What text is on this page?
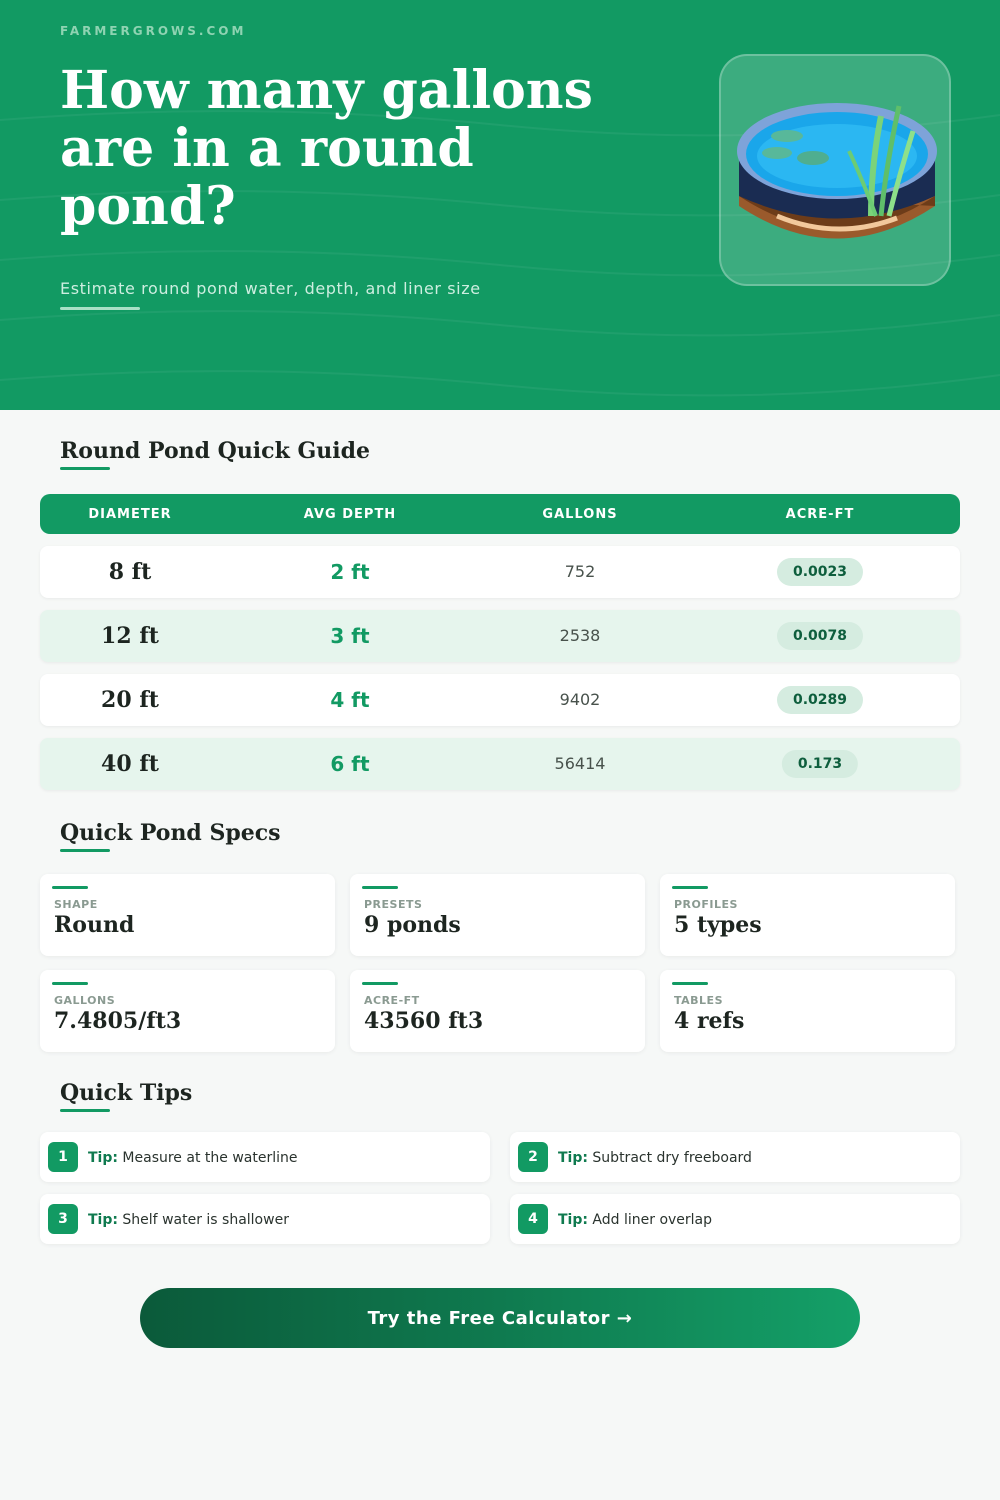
FARMERGROWS.COM
How many gallons are in a round pond?
Estimate round pond water, depth, and liner size
Round Pond Quick Guide
DIAMETER	AVG DEPTH	GALLONS	ACRE-FT
8 ft	2 ft	752	0.0023
12 ft	3 ft	2538	0.0078
20 ft	4 ft	9402	0.0289
40 ft	6 ft	56414	0.173
Quick Pond Specs
SHAPE
Round
PRESETS
9 ponds
PROFILES
5 types
GALLONS
7.4805/ft3
ACRE-FT
43560 ft3
TABLES
4 refs
Quick Tips
1	Tip: Measure at the waterline	2	Tip: Subtract dry freeboard
3	Tip: Shelf water is shallower	4	Tip: Add liner overlap
Try the Free Calculator →
